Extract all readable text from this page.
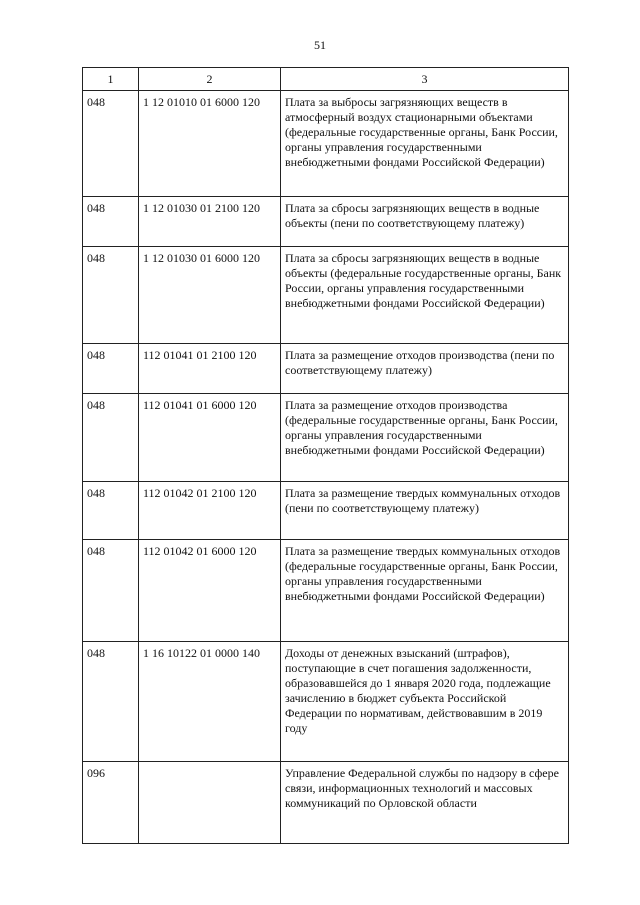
51
1	2	3
048	1 12 01010 01 6000 120	Плата за выбросы загрязняющих веществ в атмосферный воздух стационарными объектами (федеральные государственные органы, Банк России, органы управления государственными внебюджетными фондами Российской Федерации)
048	1 12 01030 01 2100 120	Плата за сбросы загрязняющих веществ в водные объекты (пени по соответствующему платежу)
048	1 12 01030 01 6000 120	Плата за сбросы загрязняющих веществ в водные объекты (федеральные государственные органы, Банк России, органы управления государственными внебюджетными фондами Российской Федерации)
048	112 01041 01 2100 120	Плата за размещение отходов производства (пени по соответствующему платежу)
048	112 01041 01 6000 120	Плата за размещение отходов производства (федеральные государственные органы, Банк России, органы управления государственными внебюджетными фондами Российской Федерации)
048	112 01042 01 2100 120	Плата за размещение твердых коммунальных отходов (пени по соответствующему платежу)
048	112 01042 01 6000 120	Плата за размещение твердых коммунальных отходов (федеральные государственные органы, Банк России, органы управления государственными внебюджетными фондами Российской Федерации)
048	1 16 10122 01 0000 140	Доходы от денежных взысканий (штрафов), поступающие в счет погашения задолженности, образовавшейся до 1 января 2020 года, подлежащие зачислению в бюджет субъекта Российской Федерации по нормативам, действовавшим в 2019 году
096		Управление Федеральной службы по надзору в сфере связи, информационных технологий и массовых коммуникаций по Орловской области
